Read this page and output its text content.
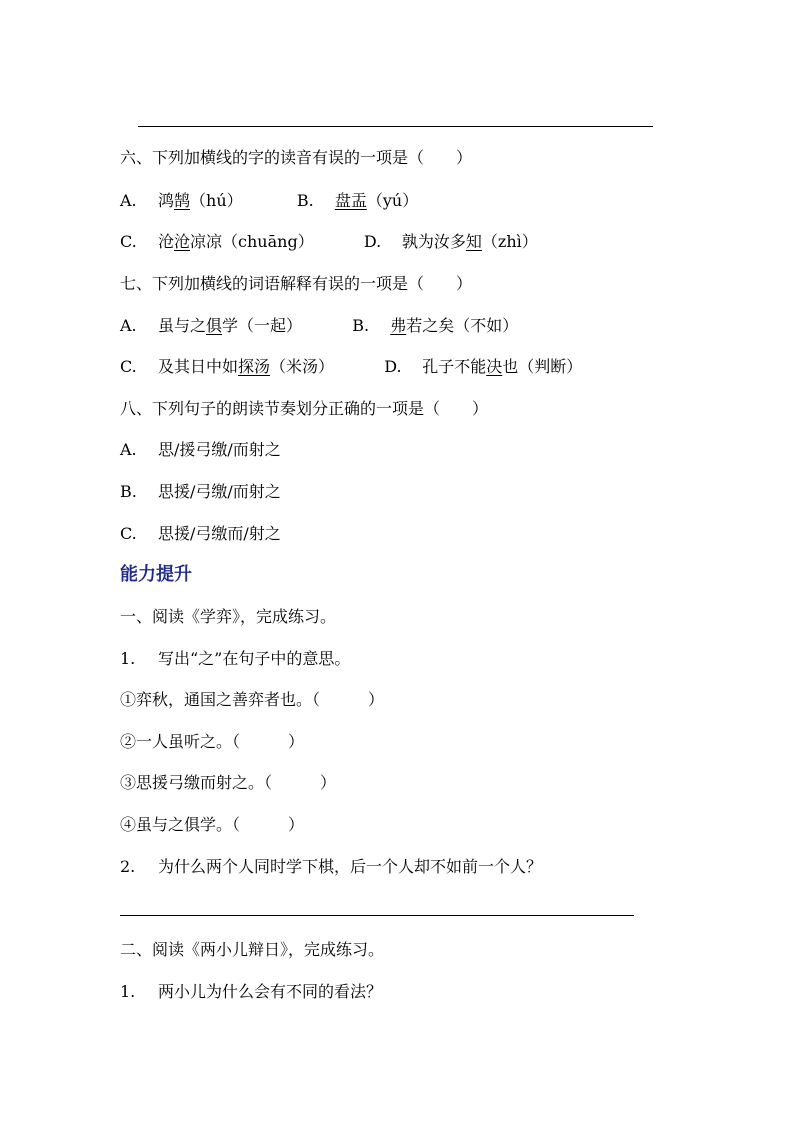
六、下列加横线的字的读音有误的一项是（　　）
A. 鸿鹄（hú）	B. 盘盂（yú）
C. 沧沧凉凉（chuāng）	D. 孰为汝多知（zhì）
七、下列加横线的词语解释有误的一项是（　　）
A. 虽与之俱学（一起）	B. 弗若之矣（不如）
C. 及其日中如探汤（米汤）	D. 孔子不能决也（判断）
八、下列句子的朗读节奏划分正确的一项是（　　）
A. 思/援弓缴/而射之
B. 思援/弓缴/而射之
C. 思援/弓缴而/射之
能力提升
一、阅读《学弈》，完成练习。
1. 写出“之”在句子中的意思。
①弈秋，通国之善弈者也。（　　　）
②一人虽听之。（　　　）
③思援弓缴而射之。（　　　）
④虽与之俱学。（　　　）
2. 为什么两个人同时学下棋，后一个人却不如前一个人？
二、阅读《两小儿辩日》，完成练习。
1. 两小儿为什么会有不同的看法？
